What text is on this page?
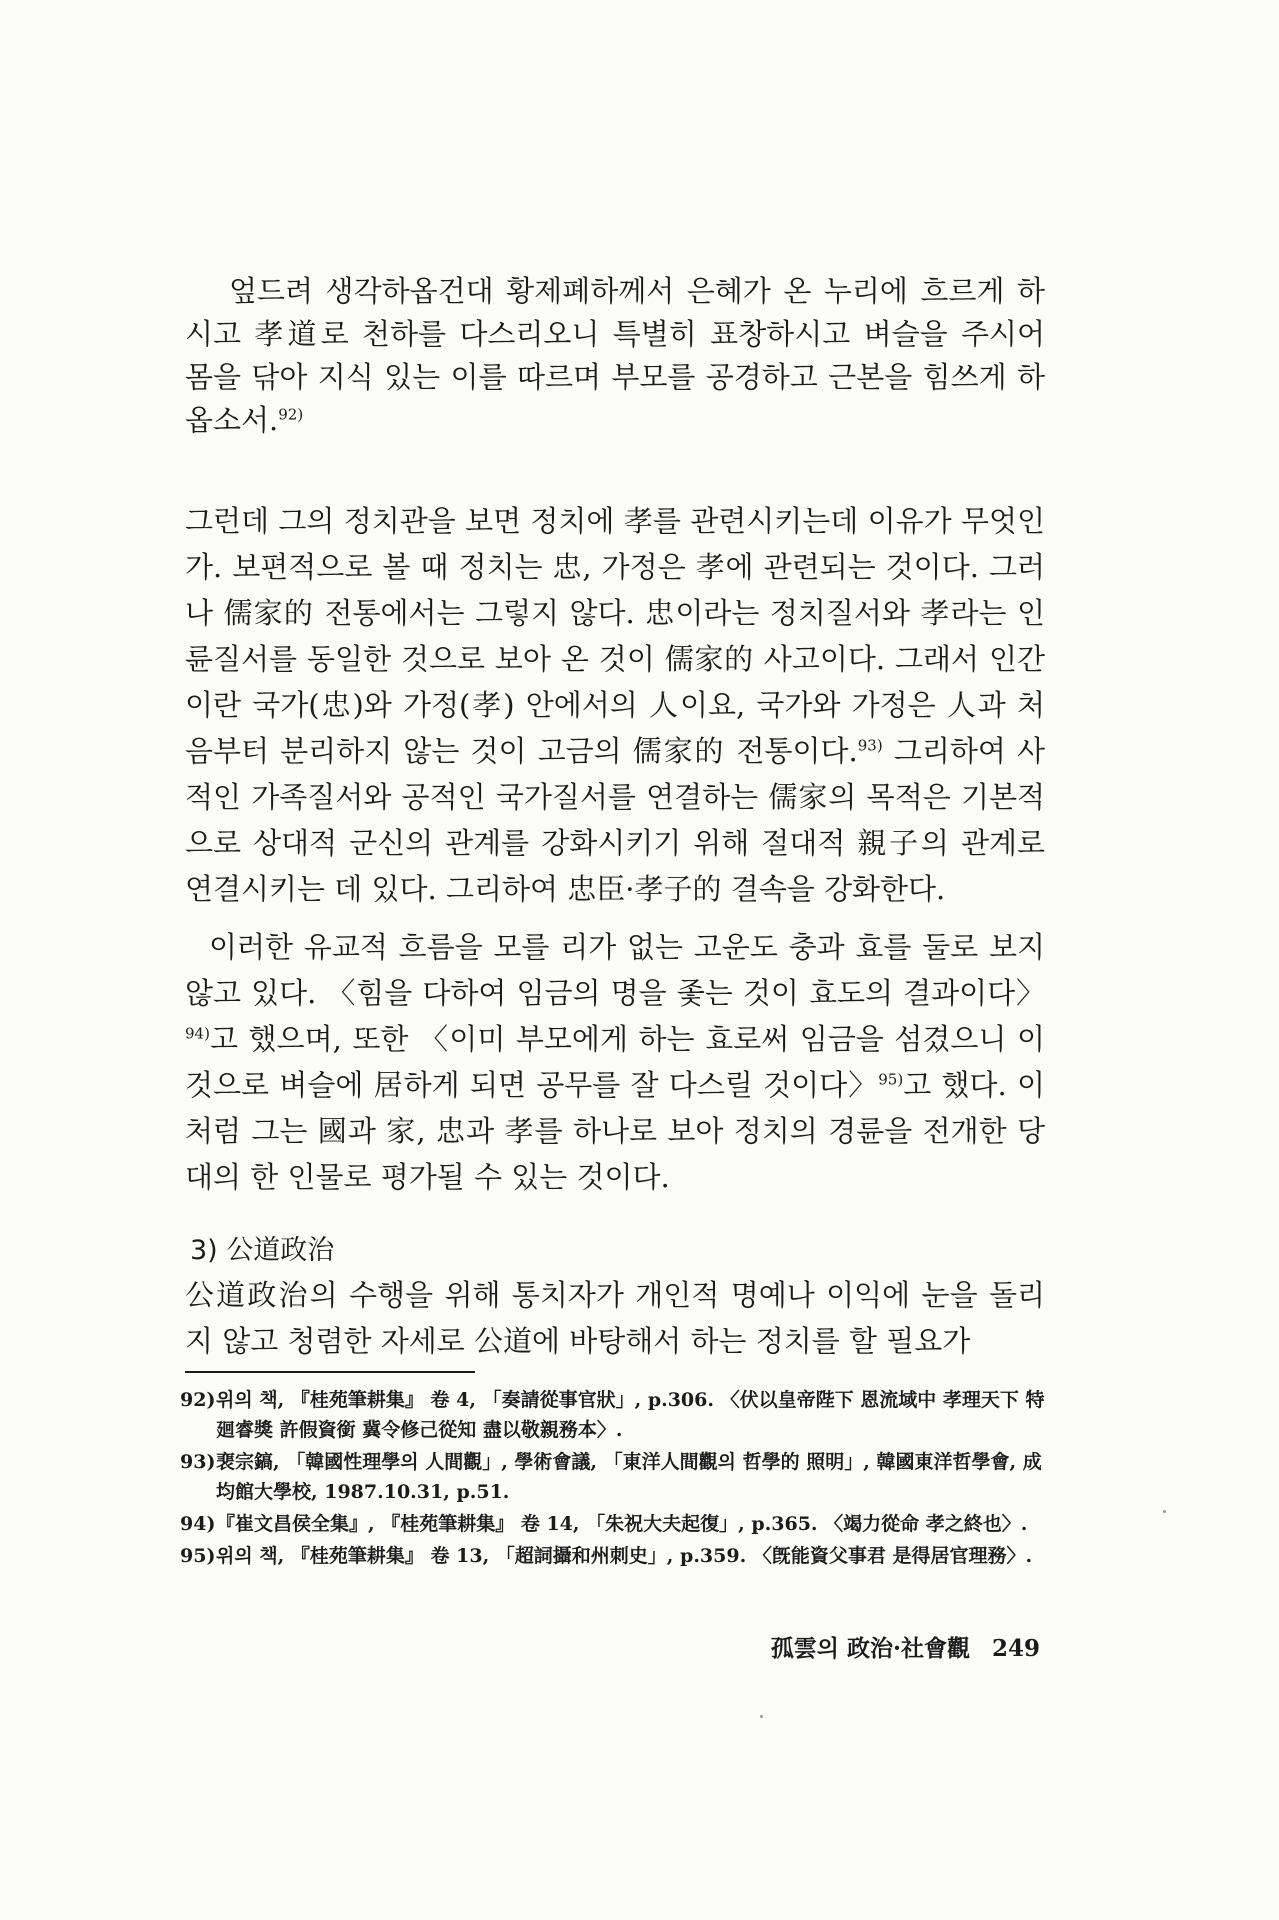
엎드려 생각하옵건대 황제폐하께서 은혜가 온 누리에 흐르게 하시고 孝道로 천하를 다스리오니 특별히 표창하시고 벼슬을 주시어 몸을 닦아 지식 있는 이를 따르며 부모를 공경하고 근본을 힘쓰게 하옵소서.$^{92)}$

그런데 그의 정치관을 보면 정치에 孝를 관련시키는데 이유가 무엇인가. 보편적으로 볼 때 정치는 忠, 가정은 孝에 관련되는 것이다. 그러나 儒家的 전통에서는 그렇지 않다. 忠이라는 정치질서와 孝라는 인륜질서를 동일한 것으로 보아 온 것이 儒家的 사고이다. 그래서 인간이란 국가(忠)와 가정(孝) 안에서의 人이요, 국가와 가정은 人과 처음부터 분리하지 않는 것이 고금의 儒家的 전통이다.$^{93)}$ 그리하여 사적인 가족질서와 공적인 국가질서를 연결하는 儒家의 목적은 기본적으로 상대적 군신의 관계를 강화시키기 위해 절대적 親子의 관계로 연결시키는 데 있다. 그리하여 忠臣·孝子的 결속을 강화한다.

이러한 유교적 흐름을 모를 리가 없는 고운도 충과 효를 둘로 보지 않고 있다. 〈힘을 다하여 임금의 명을 좇는 것이 효도의 결과이다〉$^{94)}$고 했으며, 또한 〈이미 부모에게 하는 효로써 임금을 섬겼으니 이것으로 벼슬에 居하게 되면 공무를 잘 다스릴 것이다〉$^{95)}$고 했다. 이처럼 그는 國과 家, 忠과 孝를 하나로 보아 정치의 경륜을 전개한 당대의 한 인물로 평가될 수 있는 것이다.

3) 公道政治

公道政治의 수행을 위해 통치자가 개인적 명예나 이익에 눈을 돌리지 않고 청렴한 자세로 公道에 바탕해서 하는 정치를 할 필요가

92) 위의 책, 『桂苑筆耕集』 卷 4, 「奏請從事官狀」, p.306. 〈伏以皇帝陛下 恩流域中 孝理天下 特廻睿獎 許假資銜 冀令修己從知 盡以敬親務本〉.
93) 裵宗鎬, 「韓國性理學의 人間觀」, 學術會議, 「東洋人間觀의 哲學的 照明」, 韓國東洋哲學會, 成均館大學校, 1987.10.31, p.51.
94) 『崔文昌侯全集』, 『桂苑筆耕集』 卷 14, 「朱祝大夫起復」, p.365. 〈竭力從命 孝之終也〉.
95) 위의 책, 『桂苑筆耕集』 卷 13, 「超詞攝和州刺史」, p.359. 〈旣能資父事君 是得居官理務〉.
孤雲의 政治·社會觀 249
